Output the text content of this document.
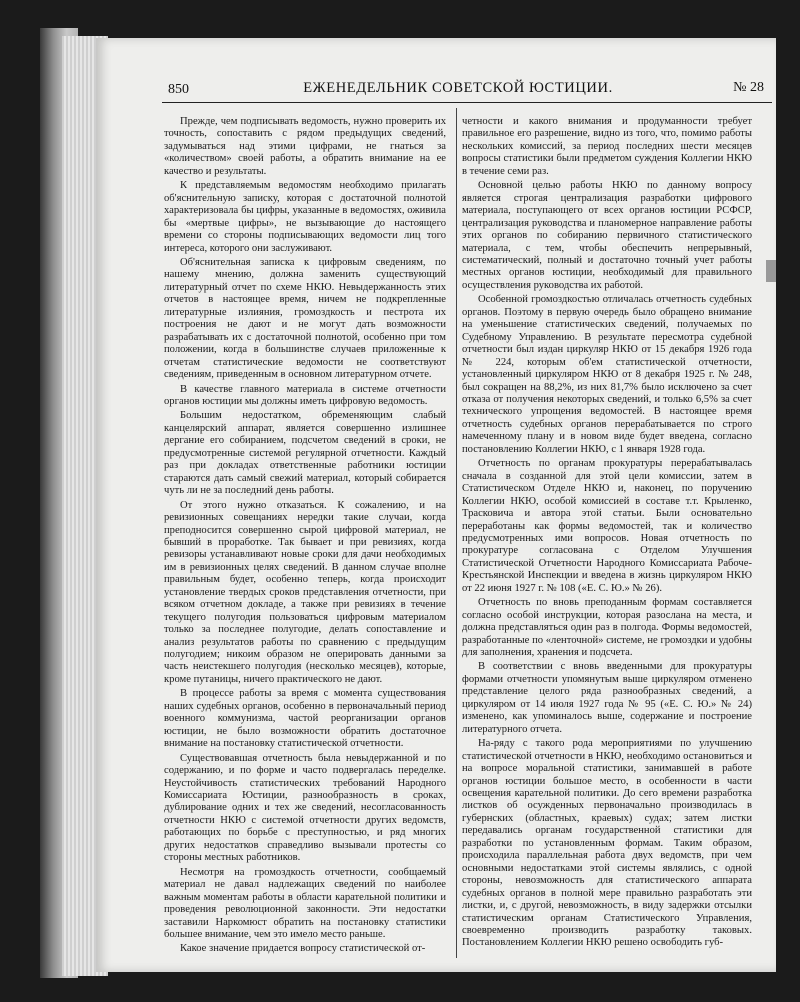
850	ЕЖЕНЕДЕЛЬНИК СОВЕТСКОЙ ЮСТИЦИИ.	№ 28

Прежде, чем подписывать ведомость, нужно проверить их точность, сопоставить с рядом предыдущих сведений, задумываться над этими цифрами, не гнаться за «количеством» своей работы, а обратить внимание на ее качество и результаты.

К представляемым ведомостям необходимо прилагать об'яснительную записку, которая с достаточной полнотой характеризовала бы цифры, указанные в ведомостях, оживила бы «мертвые цифры», не вызывающие до настоящего времени со стороны подписывающих ведомости лиц того интереса, которого они заслуживают.

Об'яснительная записка к цифровым сведениям, по нашему мнению, должна заменить существующий литературный отчет по схеме НКЮ. Невыдержанность этих отчетов в настоящее время, ничем не подкрепленные литературные излияния, громоздкость и пестрота их построения не дают и не могут дать возможности разрабатывать их с достаточной полнотой, особенно при том положении, когда в большинстве случаев приложенные к отчетам статистические ведомости не соответствуют сведениям, приведенным в основном литературном отчете.

В качестве главного материала в системе отчетности органов юстиции мы должны иметь цифровую ведомость.

Большим недостатком, обременяющим слабый канцелярский аппарат, является совершенно излишнее дергание его собиранием, подсчетом сведений в сроки, не предусмотренные системой регулярной отчетности. Каждый раз при докладах ответственные работники юстиции стараются дать самый свежий материал, который собирается чуть ли не за последний день работы.

От этого нужно отказаться. К сожалению, и на ревизионных совещаниях нередки такие случаи, когда преподносится совершенно сырой цифровой материал, не бывший в проработке. Так бывает и при ревизиях, когда ревизоры устанавливают новые сроки для дачи необходимых им в ревизионных целях сведений. В данном случае вполне правильным будет, особенно теперь, когда происходит установление твердых сроков представления отчетности, при всяком отчетном докладе, а также при ревизиях в течение текущего полугодия пользоваться цифровым материалом только за последнее полугодие, делать сопоставление и анализ результатов работы по сравнению с предыдущим полугодием; никоим образом не оперировать данными за часть неистекшего полугодия (несколько месяцев), которые, кроме путаницы, ничего практического не дают.

В процессе работы за время с момента существования наших судебных органов, особенно в первоначальный период военного коммунизма, частой реорганизации органов юстиции, не было возможности обратить достаточное внимание на постановку статистической отчетности.

Существовавшая отчетность была невыдержанной и по содержанию, и по форме и часто подвергалась переделке. Неустойчивость статистических требований Народного Комиссариата Юстиции, разнообразность в сроках, дублирование одних и тех же сведений, несогласованность отчетности НКЮ с системой отчетности других ведомств, работающих по борьбе с преступностью, и ряд многих других недостатков справедливо вызывали протесты со стороны местных работников.

Несмотря на громоздкость отчетности, сообщаемый материал не давал надлежащих сведений по наиболее важным моментам работы в области карательной политики и проведения революционной законности. Эти недостатки заставили Наркомюст обратить на постановку статистики большее внимание, чем это имело место раньше.

Какое значение придается вопросу статистической от-

четности и какого внимания и продуманности требует правильное его разрешение, видно из того, что, помимо работы нескольких комиссий, за период последних шести месяцев вопросы статистики были предметом суждения Коллегии НКЮ в течение семи раз.

Основной целью работы НКЮ по данному вопросу является строгая централизация разработки цифрового материала, поступающего от всех органов юстиции РСФСР, централизация руководства и планомерное направление работы этих органов по собиранию первичного статистического материала, с тем, чтобы обеспечить непрерывный, систематический, полный и достаточно точный учет работы местных органов юстиции, необходимый для правильного осуществления руководства их работой.

Особенной громоздкостью отличалась отчетность судебных органов. Поэтому в первую очередь было обращено внимание на уменьшение статистических сведений, получаемых по Судебному Управлению. В результате пересмотра судебной отчетности был издан циркуляр НКЮ от 15 декабря 1926 года № 224, которым об'ем статистической отчетности, установленный циркуляром НКЮ от 8 декабря 1925 г. № 248, был сокращен на 88,2%, из них 81,7% было исключено за счет отказа от получения некоторых сведений, и только 6,5% за счет технического упрощения ведомостей. В настоящее время отчетность судебных органов перерабатывается по строго намеченному плану и в новом виде будет введена, согласно постановлению Коллегии НКЮ, с 1 января 1928 года.

Отчетность по органам прокуратуры перерабатывалась сначала в созданной для этой цели комиссии, затем в Статистическом Отделе НКЮ и, наконец, по поручению Коллегии НКЮ, особой комиссией в составе т.т. Крыленко, Трасковича и автора этой статьи. Были основательно переработаны как формы ведомостей, так и количество предусмотренных ими вопросов. Новая отчетность по прокуратуре согласована с Отделом Улучшения Статистической Отчетности Народного Комиссариата Рабоче-Крестьянской Инспекции и введена в жизнь циркуляром НКЮ от 22 июня 1927 г. № 108 («Е. С. Ю.» № 26).

Отчетность по вновь преподанным формам составляется согласно особой инструкции, которая разослана на места, и должна представляться один раз в полгода. Формы ведомостей, разработанные по «ленточной» системе, не громоздки и удобны для заполнения, хранения и подсчета.

В соответствии с вновь введенными для прокуратуры формами отчетности упомянутым выше циркуляром отменено представление целого ряда разнообразных сведений, а циркуляром от 14 июля 1927 года № 95 («Е. С. Ю.» № 24) изменено, как упоминалось выше, содержание и построение литературного отчета.

На-ряду с такого рода мероприятиями по улучшению статистической отчетности в НКЮ, необходимо остановиться и на вопросе моральной статистики, занимавшей в работе органов юстиции большое место, в особенности в части освещения карательной политики. До сего времени разработка листков об осужденных первоначально производилась в губернских (областных, краевых) судах; затем листки передавались органам государственной статистики для разработки по установленным формам. Таким образом, происходила параллельная работа двух ведомств, при чем основными недостатками этой системы являлись, с одной стороны, невозможность для статистического аппарата судебных органов в полной мере правильно разработать эти листки, и, с другой, невозможность, в виду задержки отсылки статистическим органам Статистического Управления, своевременно производить разработку таковых. Постановлением Коллегии НКЮ решено освободить губ-
